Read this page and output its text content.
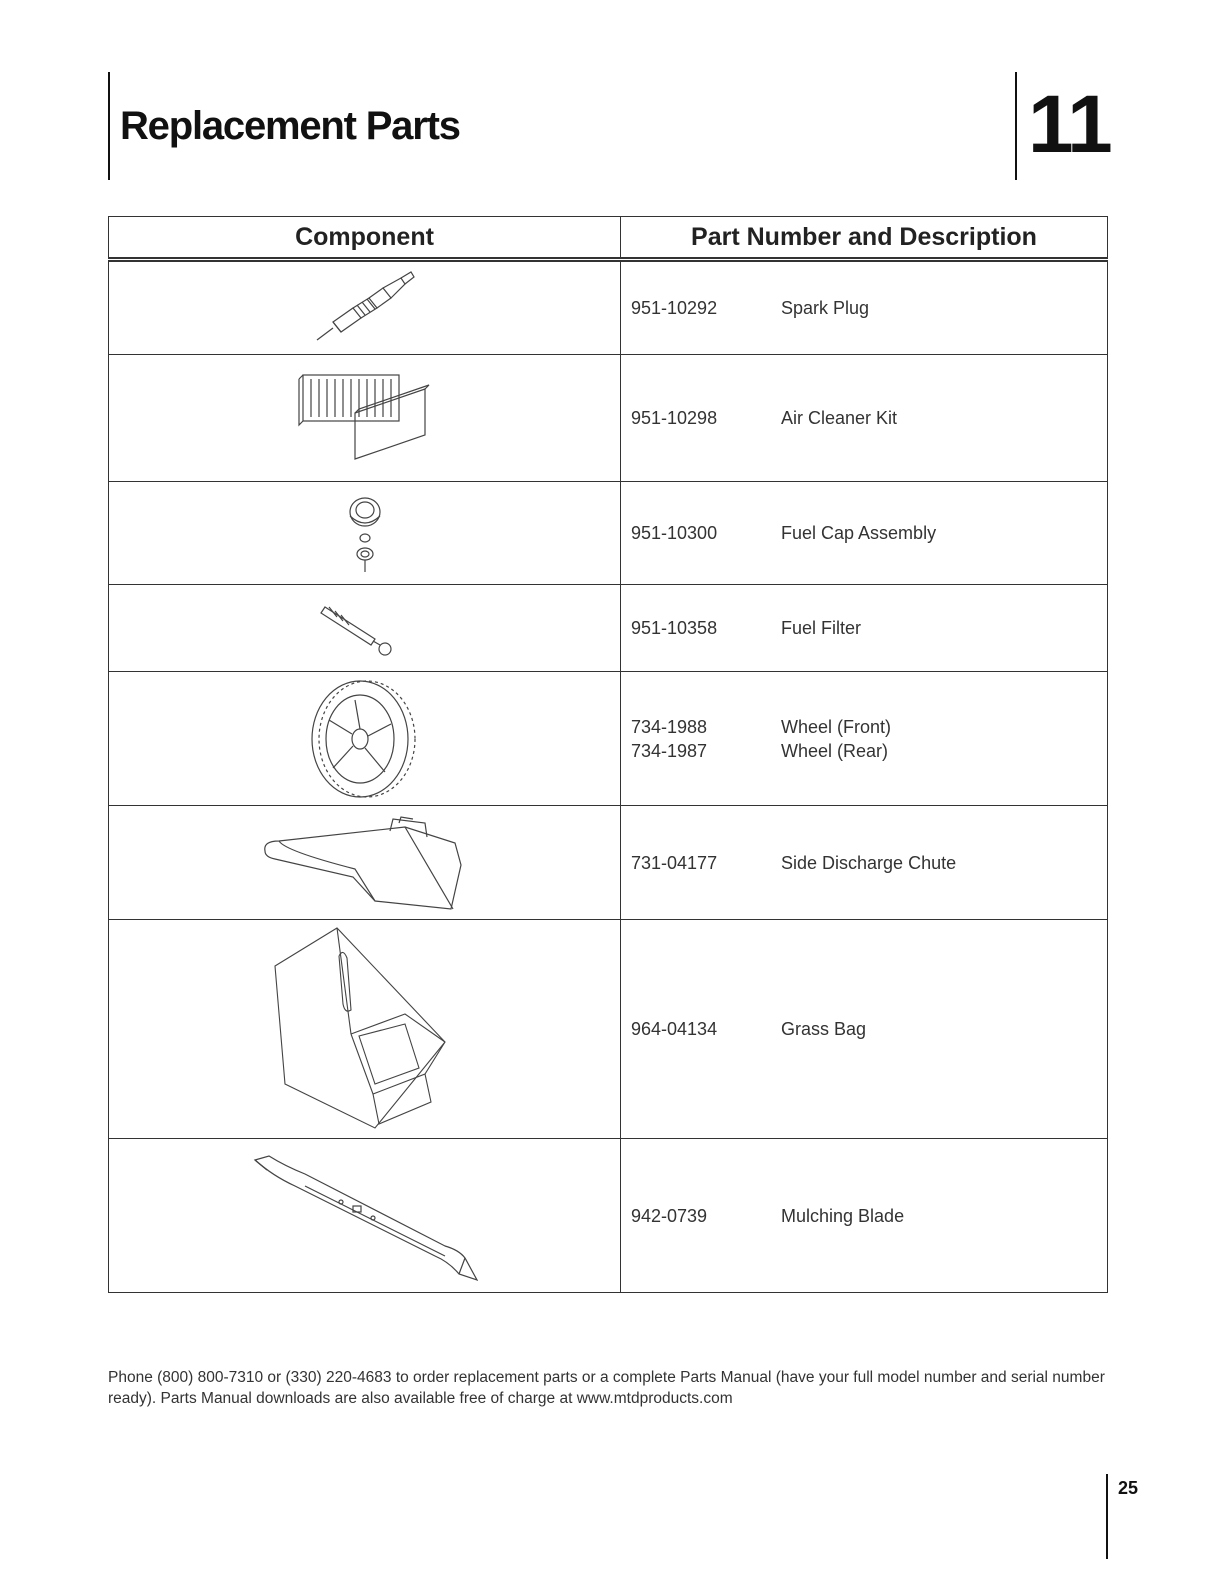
Replacement Parts	11
Component	Part Number and Description

951-10292 Spark Plug

951-10298 Air Cleaner Kit

951-10300 Fuel Cap Assembly

951-10358 Fuel Filter

734-1988 Wheel (Front)
734-1987 Wheel (Rear)

731-04177 Side Discharge Chute

964-04134 Grass Bag

942-0739 Mulching Blade
Phone (800) 800-7310 or (330) 220-4683 to order replacement parts or a complete Parts Manual (have your full model number and serial number ready). Parts Manual downloads are also available free of charge at www.mtdproducts.com
25
